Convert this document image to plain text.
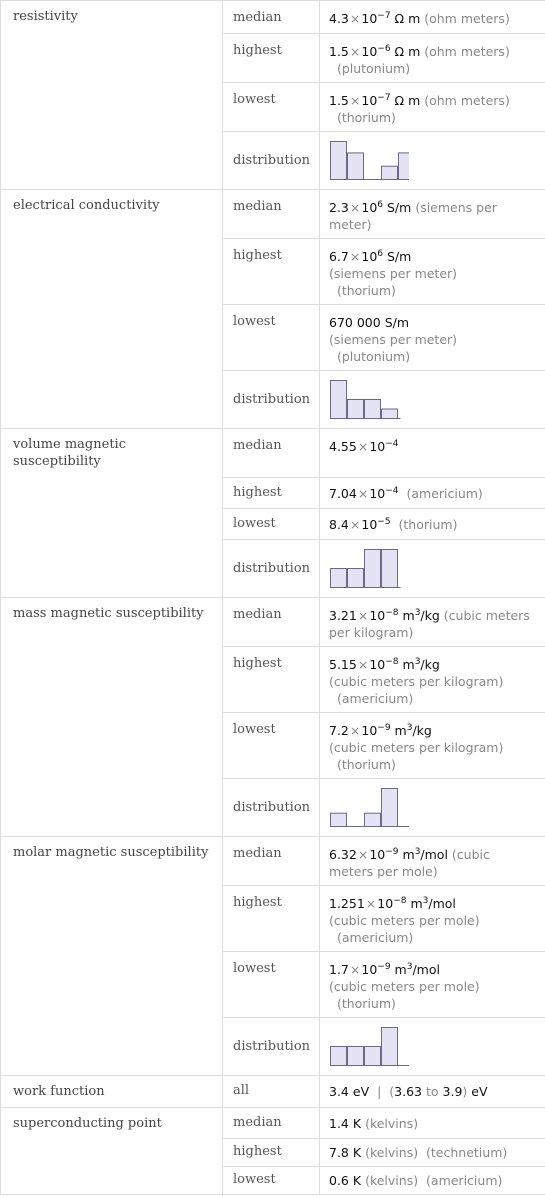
resistivity	median	$4.3\times 10^{-7}$ Ω m (ohm meters)

	highest	$1.5\times 10^{-6}$ Ω m (ohm meters)
(plutonium)

	lowest	$1.5\times 10^{-7}$ Ω m (ohm meters)
(thorium)

	distribution	

electrical conductivity	median	$2.3\times 10^6$ S/m (siemens per meter)

	highest	$6.7\times 10^6$ S/m
(siemens per meter)
(thorium)

	lowest	670 000 S/m
(siemens per meter)
(plutonium)

	distribution	

volume magnetic susceptibility	median	$4.55\times 10^{-4}$

	highest	$7.04\times 10^{-4}$ (americium)

	lowest	$8.4\times 10^{-5}$ (thorium)

	distribution	

mass magnetic susceptibility	median	$3.21\times 10^{-8}$ $m^3/kg$ (cubic meters per kilogram)

	highest	$5.15\times 10^{-8}$ $m^3/kg$
(cubic meters per kilogram)
(americium)

	lowest	$7.2\times 10^{-9}$ $m^3/kg$
(cubic meters per kilogram)
(thorium)

	distribution	

molar magnetic susceptibility	median	$6.32\times 10^{-9}$ $m^3$/mol (cubic meters per mole)

	highest	$1.251\times 10^{-8}$ $m^3$/mol
(cubic meters per mole)
(americium)

	lowest	$1.7\times 10^{-9}$ $m^3$/mol
(cubic meters per mole)
(thorium)

	distribution	

work function	all	3.4 eV | (3.63 to 3.9) eV

superconducting point	median	1.4 K (kelvins)

	highest	7.8 K (kelvins) (technetium)

	lowest	0.6 K (kelvins) (americium)
